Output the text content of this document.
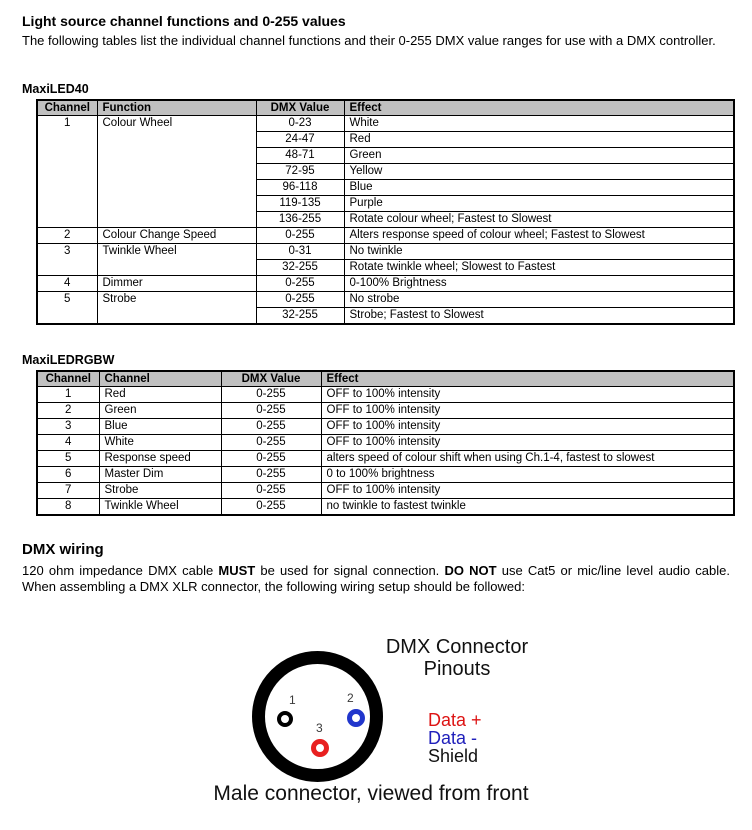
Light source channel functions and 0-255 values

The following tables list the individual channel functions and their 0-255 DMX value ranges for use with a DMX controller.

MaxiLED40
Channel	Function	DMX Value	Effect
1	Colour Wheel	0-23	White
		24-47	Red
		48-71	Green
		72-95	Yellow
		96-118	Blue
		119-135	Purple
		136-255	Rotate colour wheel; Fastest to Slowest
2	Colour Change Speed	0-255	Alters response speed of colour wheel; Fastest to Slowest
3	Twinkle Wheel	0-31	No twinkle
		32-255	Rotate twinkle wheel; Slowest to Fastest
4	Dimmer	0-255	0-100% Brightness
5	Strobe	0-255	No strobe
		32-255	Strobe; Fastest to Slowest
MaxiLEDRGBW
Channel	Channel	DMX Value	Effect
1	Red	0-255	OFF to 100% intensity
2	Green	0-255	OFF to 100% intensity
3	Blue	0-255	OFF to 100% intensity
4	White	0-255	OFF to 100% intensity
5	Response speed	0-255	alters speed of colour shift when using Ch.1-4, fastest to slowest
6	Master Dim	0-255	0 to 100% brightness
7	Strobe	0-255	OFF to 100% intensity
8	Twinkle Wheel	0-255	no twinkle to fastest twinkle
DMX wiring

120 ohm impedance DMX cable MUST be used for signal connection. DO NOT use Cat5 or mic/line level audio cable. When assembling a DMX XLR connector, the following wiring setup should be followed:

DMX Connector
Pinouts
1	2
3	Data +
Data -
Shield
Male connector, viewed from front
